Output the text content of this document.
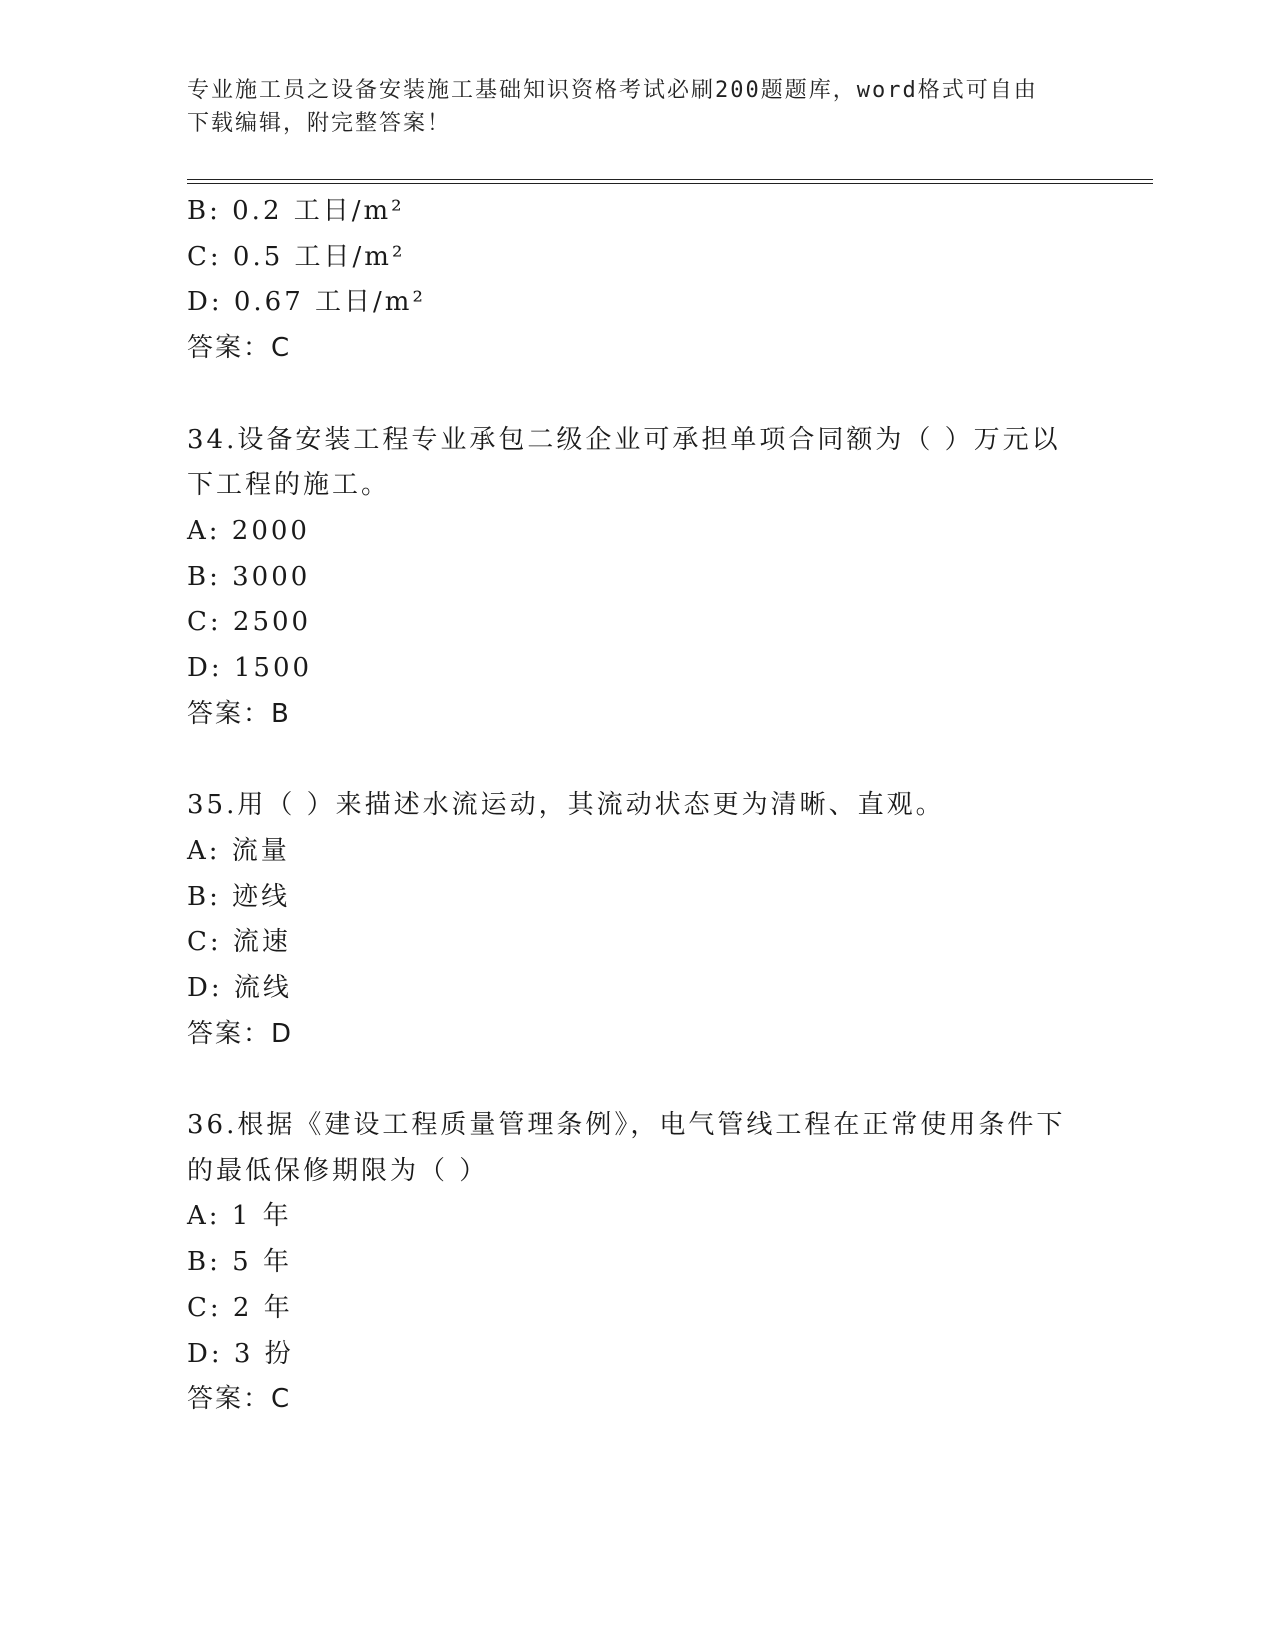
专业施工员之设备安装施工基础知识资格考试必刷200题题库，word格式可自由
下载编辑，附完整答案！
B: 0.2 工日/m²
C: 0.5 工日/m²
D: 0.67 工日/m²
答案：C
34.设备安装工程专业承包二级企业可承担单项合同额为（ ）万元以
下工程的施工。
A: 2000
B: 3000
C: 2500
D: 1500
答案：B
35.用（ ）来描述水流运动，其流动状态更为清晰、直观。
A: 流量
B: 迹线
C: 流速
D: 流线
答案：D
36.根据《建设工程质量管理条例》，电气管线工程在正常使用条件下
的最低保修期限为（ ）
A: 1 年
B: 5 年
C: 2 年
D: 3 扮
答案：C
